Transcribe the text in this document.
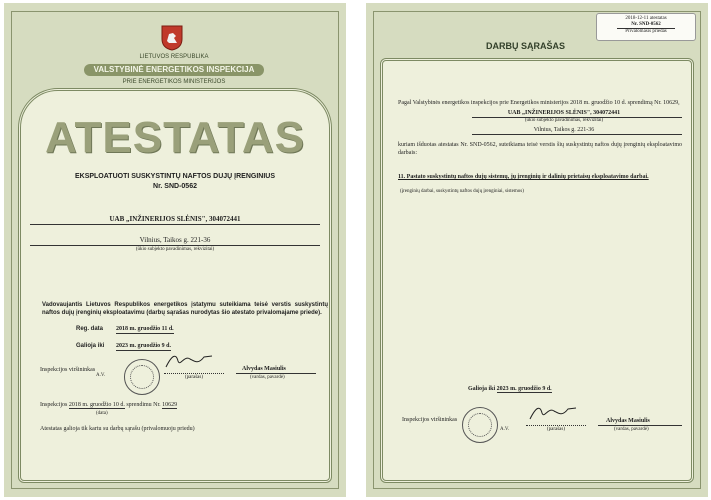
LIETUVOS RESPUBLIKA
VALSTYBINĖ ENERGETIKOS INSPEKCIJA
PRIE ENERGETIKOS MINISTERIJOS
ATESTATAS
EKSPLOATUOTI SUSKYSTINTŲ NAFTOS DUJŲ ĮRENGINIUS
Nr. SND-0562
UAB „INŽINERIJOS SLĖNIS", 304072441
Vilnius, Taikos g. 221-36
(ūkio subjekto pavadinimas, rekvizitai)
Vadovaujantis Lietuvos Respublikos energetikos įstatymu suteikiama teisė verstis suskystintų naftos dujų įrenginių eksploatavimu (darbų sąrašas nurodytas šio atestato privalomajame priede).
Reg. data 2018 m. gruodžio 11 d.
Galioja iki 2023 m. gruodžio 9 d.
Inspekcijos viršininkas
A.V.	(parašas)
Alvydas Masiulis
(vardas, pavardė)
Inspekcijos 2018 m. gruodžio 10 d. sprendimu Nr. 10629
(data)
Atestatas galioja tik kartu su darbų sąrašu (privalomuoju priedu)
2018-12-11 atestatas
Nr. SND-0562
Privalomasis priedas
DARBŲ SĄRAŠAS
Pagal Valstybinės energetikos inspekcijos prie Energetikos ministerijos 2018 m. gruodžio 10 d. sprendimą Nr. 10629,
UAB „INŽINERIJOS SLĖNIS", 304072441
(ūkio subjekto pavadinimas, rekvizitai)
Vilnius, Taikos g. 221-36
kuriam išduotas atestatas Nr. SND-0562, suteikiama teisė verstis šių suskystintų naftos dujų įrenginių eksploatavimo darbais:
11. Pastato suskystintų naftos dujų sistemų, jų įrenginių ir dalinių prietaisų eksploatavimo darbai.
(įrenginių darbai, suskystintų naftos dujų įrenginiai, sistemos)
Galioja iki 2023 m. gruodžio 9 d.
Inspekcijos viršininkas
A.V.	(parašas)
Alvydas Masiulis
(vardas, pavardė)
